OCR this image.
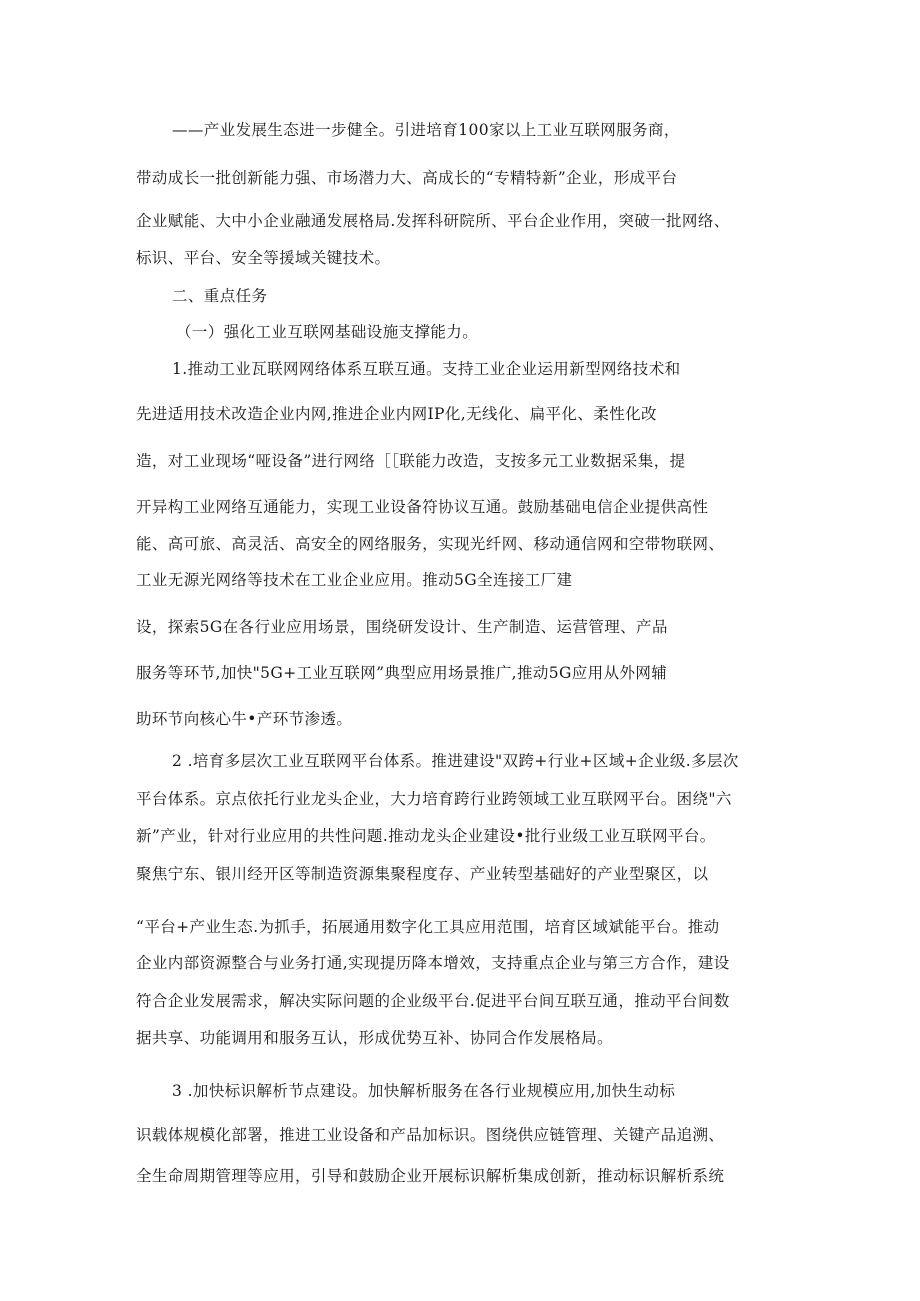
——产业发展生态进一步健全。引进培育100家以上工业互联网服务商，
带动成长一批创新能力强、市场潜力大、高成长的“专精特新”企业，形成平台
企业赋能、大中小企业融通发展格局.发挥科研院所、平台企业作用，突破一批网络、
标识、平台、安全等援域关键技术。
二、重点任务
（一）强化工业互联网基础设施支撑能力。
1.推动工业瓦联网网络体系互联互通。支持工业企业运用新型网络技术和
先进适用技术改造企业内网,推进企业内网IP化,无线化、扁平化、柔性化改
造，对工业现场“哑设备”进行网络［［联能力改造，支按多元工业数据采集，提
开异构工业网络互通能力，实现工业设备符协议互通。鼓励基础电信企业提供高性
能、高可旅、高灵活、高安全的网络服务，实现光纤网、移动通信网和空带物联网、
工业无源光网络等技术在工业企业应用。推动5G全连接工厂建
设，探索5G在各行业应用场景，围绕研发设计、生产制造、运营管理、产品
服务等环节,加快"5G+工业互联网”典型应用场景推广,推动5G应用从外网辅
助环节向核心牛•产环节渗透。
2 .培育多层次工业互联网平台体系。推进建设"双跨+行业+区域+企业级.多层次
平台体系。京点依托行业龙头企业，大力培育跨行业跨领域工业互联网平台。困绕"六
新”产业，针对行业应用的共性问题.推动龙头企业建设•批行业级工业互联网平台。
聚焦宁东、银川经开区等制造资源集聚程度存、产业转型基础好的产业型聚区，以
“平台+产业生态.为抓手，拓展通用数字化工具应用范围，培育区域斌能平台。推动
企业内部资源整合与业务打通,实现提历降本增效，支持重点企业与第三方合作，建设
符合企业发展需求，解决实际问题的企业级平台.促进平台间互联互通，推动平台间数
据共享、功能调用和服务互认，形成优势互补、协同合作发展格局。
3 .加快标识解析节点建设。加快解析服务在各行业规模应用,加快生动标
识载体规模化部署，推进工业设备和产品加标识。图绕供应链管理、关键产品追溯、
全生命周期管理等应用，引导和鼓励企业开展标识解析集成创新，推动标识解析系统
